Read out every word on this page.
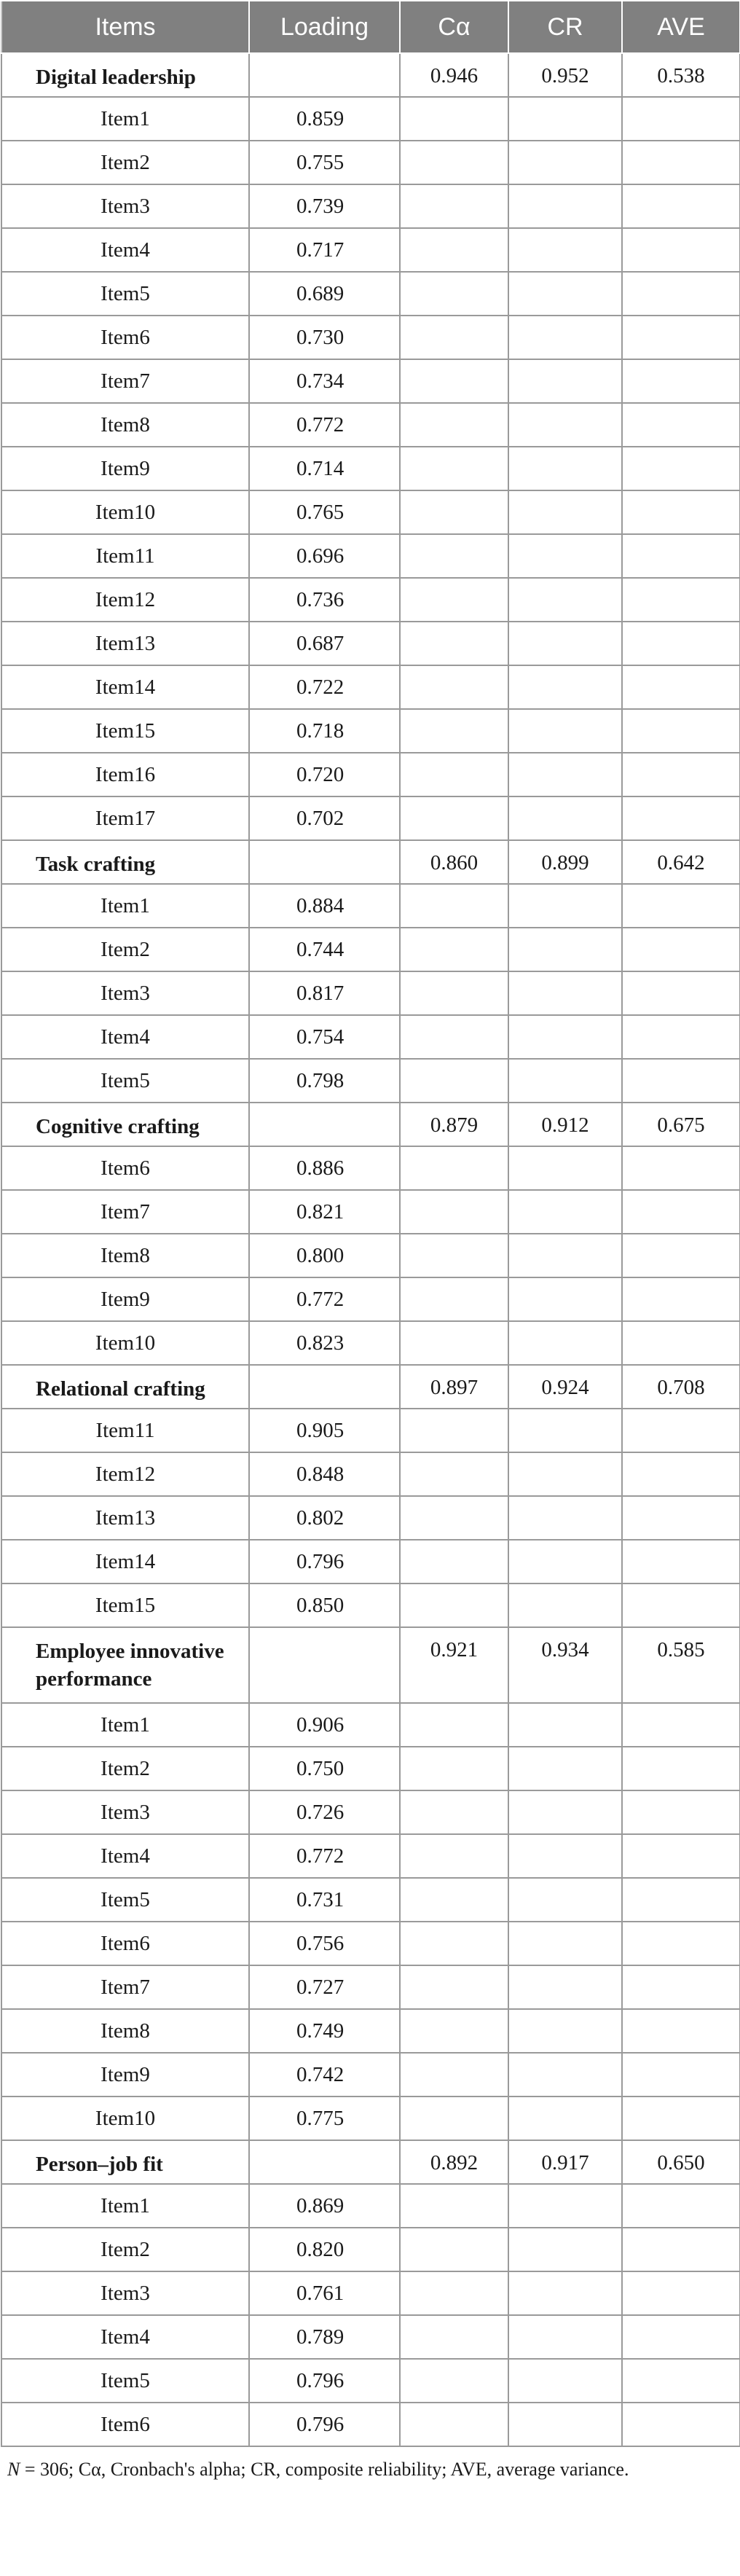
Items	Loading	Cα	CR	AVE
Digital leadership		0.946	0.952	0.538
Item1	0.859			
Item2	0.755			
Item3	0.739			
Item4	0.717			
Item5	0.689			
Item6	0.730			
Item7	0.734			
Item8	0.772			
Item9	0.714			
Item10	0.765			
Item11	0.696			
Item12	0.736			
Item13	0.687			
Item14	0.722			
Item15	0.718			
Item16	0.720			
Item17	0.702			
Task crafting		0.860	0.899	0.642
Item1	0.884			
Item2	0.744			
Item3	0.817			
Item4	0.754			
Item5	0.798			
Cognitive crafting		0.879	0.912	0.675
Item6	0.886			
Item7	0.821			
Item8	0.800			
Item9	0.772			
Item10	0.823			
Relational crafting		0.897	0.924	0.708
Item11	0.905			
Item12	0.848			
Item13	0.802			
Item14	0.796			
Item15	0.850			
Employee innovative performance		0.921	0.934	0.585
Item1	0.906			
Item2	0.750			
Item3	0.726			
Item4	0.772			
Item5	0.731			
Item6	0.756			
Item7	0.727			
Item8	0.749			
Item9	0.742			
Item10	0.775			
Person–job fit		0.892	0.917	0.650
Item1	0.869			
Item2	0.820			
Item3	0.761			
Item4	0.789			
Item5	0.796			
Item6	0.796			
N = 306; Cα, Cronbach's alpha; CR, composite reliability; AVE, average variance.
